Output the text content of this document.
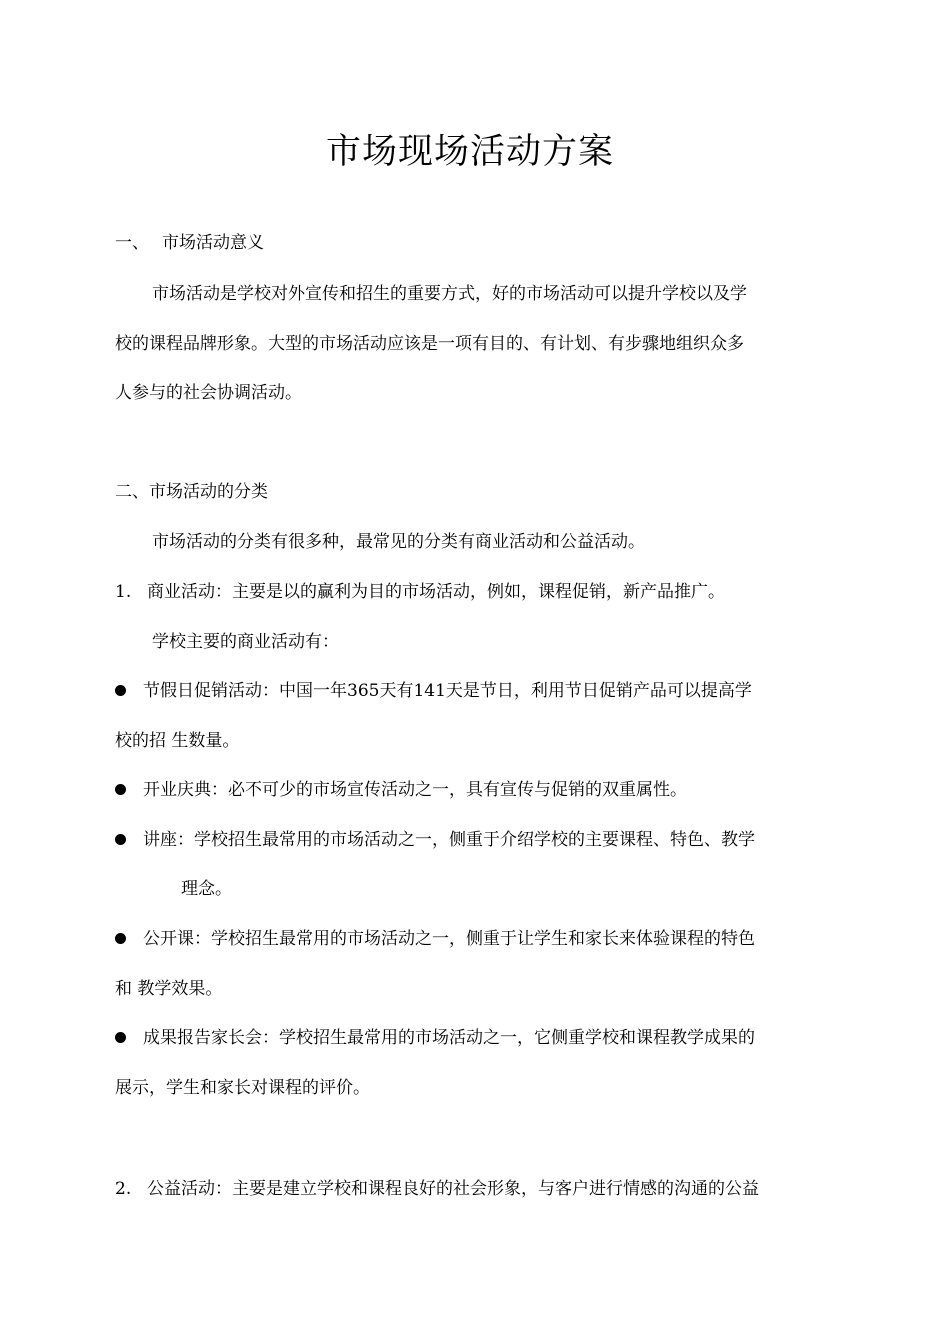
市场现场活动方案
一、 市场活动意义
市场活动是学校对外宣传和招生的重要方式，好的市场活动可以提升学校以及学
校的课程品牌形象。大型的市场活动应该是一项有目的、有计划、有步骤地组织众多
人参与的社会协调活动。
二、市场活动的分类
市场活动的分类有很多种，最常见的分类有商业活动和公益活动。
1. 商业活动：主要是以的赢利为目的市场活动，例如，课程促销，新产品推广。
学校主要的商业活动有：
节假日促销活动：中国一年365天有141天是节日，利用节日促销产品可以提高学
校的招 生数量。
开业庆典：必不可少的市场宣传活动之一，具有宣传与促销的双重属性。
讲座：学校招生最常用的市场活动之一，侧重于介绍学校的主要课程、特色、教学
理念。
公开课：学校招生最常用的市场活动之一，侧重于让学生和家长来体验课程的特色
和 教学效果。
成果报告家长会：学校招生最常用的市场活动之一，它侧重学校和课程教学成果的
展示，学生和家长对课程的评价。
2. 公益活动：主要是建立学校和课程良好的社会形象，与客户进行情感的沟通的公益
